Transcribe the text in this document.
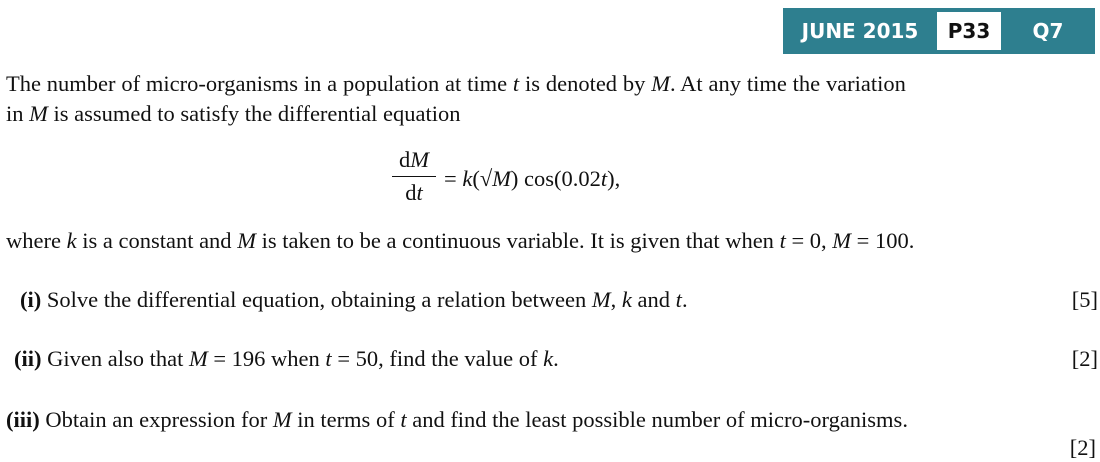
JUNE 2015	P33	Q7
The number of micro-organisms in a population at time t is denoted by M. At any time the variation
in M is assumed to satisfy the differential equation
dM
dt
= k(√M) cos(0.02t),
where k is a constant and M is taken to be a continuous variable. It is given that when t = 0, M = 100.
(i) Solve the differential equation, obtaining a relation between M, k and t.	[5]
(ii) Given also that M = 196 when t = 50, find the value of k.	[2]
(iii) Obtain an expression for M in terms of t and find the least possible number of micro-organisms.
[2]
